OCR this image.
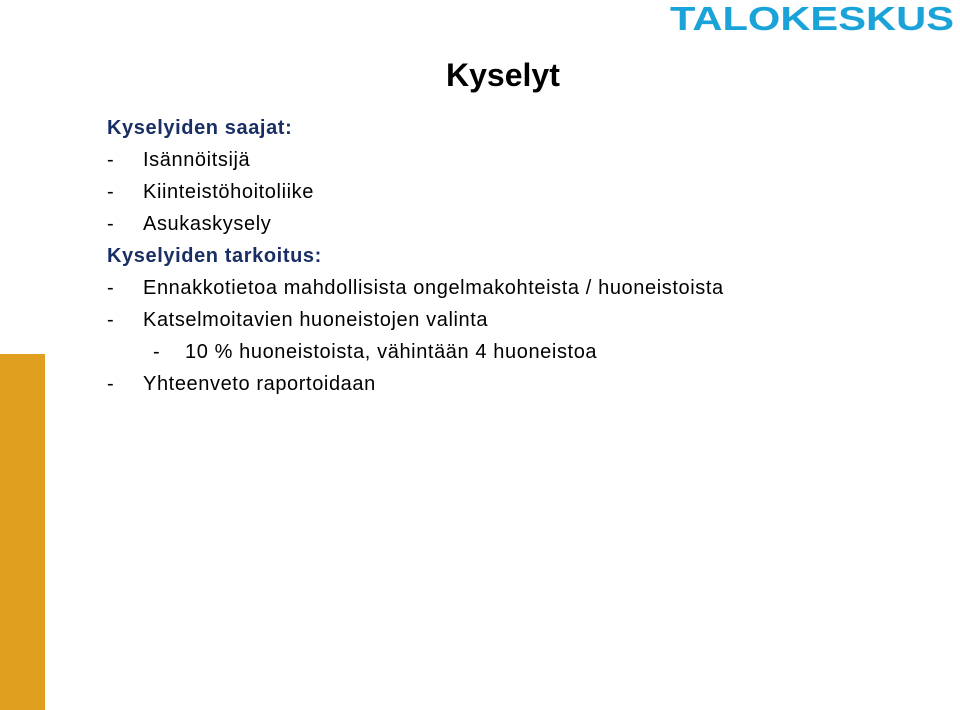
TALOKESKUS
Kyselyt
Kyselyiden saajat:
-	Isännöitsijä
-	Kiinteistöhoitoliike
-	Asukaskysely
Kyselyiden tarkoitus:
-	Ennakkotietoa mahdollisista ongelmakohteista / huoneistoista
-	Katselmoitavien huoneistojen valinta
-	10 % huoneistoista, vähintään 4 huoneistoa
-	Yhteenveto raportoidaan
